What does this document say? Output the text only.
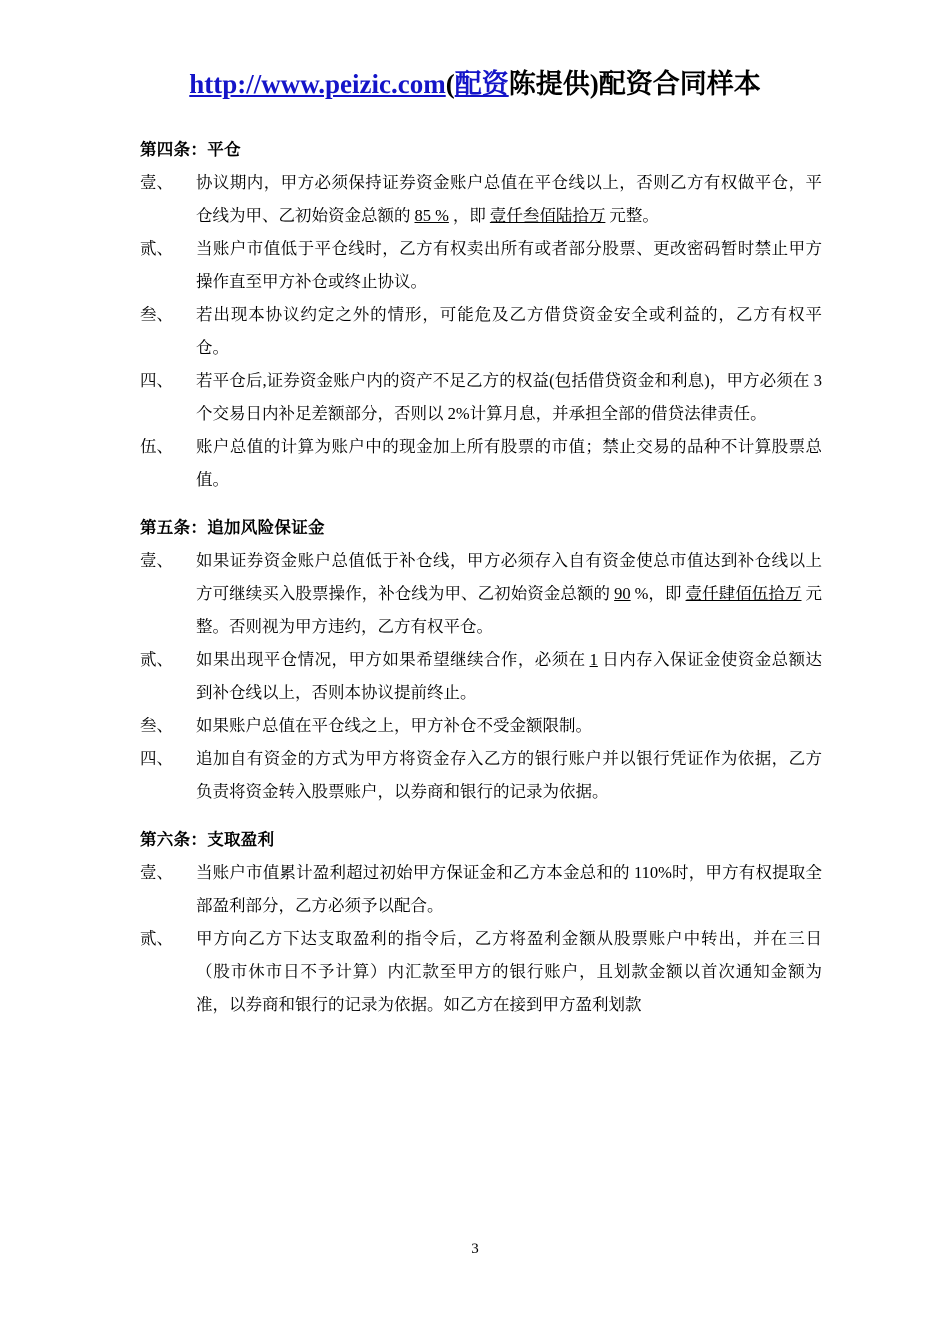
http://www.peizic.com(配资陈提供)配资合同样本
第四条：平仓
壹、	协议期内，甲方必须保持证券资金账户总值在平仓线以上，否则乙方有权做平仓，平仓线为甲、乙初始资金总额的 85 % ，即 壹仟叁佰陆拾万 元整。
贰、	当账户市值低于平仓线时，乙方有权卖出所有或者部分股票、更改密码暂时禁止甲方操作直至甲方补仓或终止协议。
叁、	若出现本协议约定之外的情形，可能危及乙方借贷资金安全或利益的，乙方有权平仓。
四、	若平仓后,证券资金账户内的资产不足乙方的权益(包括借贷资金和利息)，甲方必须在 3 个交易日内补足差额部分，否则以 2%计算月息，并承担全部的借贷法律责任。
伍、	账户总值的计算为账户中的现金加上所有股票的市值；禁止交易的品种不计算股票总值。
第五条：追加风险保证金
壹、	如果证券资金账户总值低于补仓线，甲方必须存入自有资金使总市值达到补仓线以上方可继续买入股票操作，补仓线为甲、乙初始资金总额的 90 %，即 壹仟肆佰伍拾万 元整。否则视为甲方违约，乙方有权平仓。
贰、	如果出现平仓情况，甲方如果希望继续合作，必须在 1 日内存入保证金使资金总额达到补仓线以上，否则本协议提前终止。
叁、	如果账户总值在平仓线之上，甲方补仓不受金额限制。
四、	追加自有资金的方式为甲方将资金存入乙方的银行账户并以银行凭证作为依据，乙方负责将资金转入股票账户，以券商和银行的记录为依据。
第六条：支取盈利
壹、	当账户市值累计盈利超过初始甲方保证金和乙方本金总和的 110%时，甲方有权提取全部盈利部分，乙方必须予以配合。
贰、	甲方向乙方下达支取盈利的指令后，乙方将盈利金额从股票账户中转出，并在三日（股市休市日不予计算）内汇款至甲方的银行账户，且划款金额以首次通知金额为准，以券商和银行的记录为依据。如乙方在接到甲方盈利划款
3
